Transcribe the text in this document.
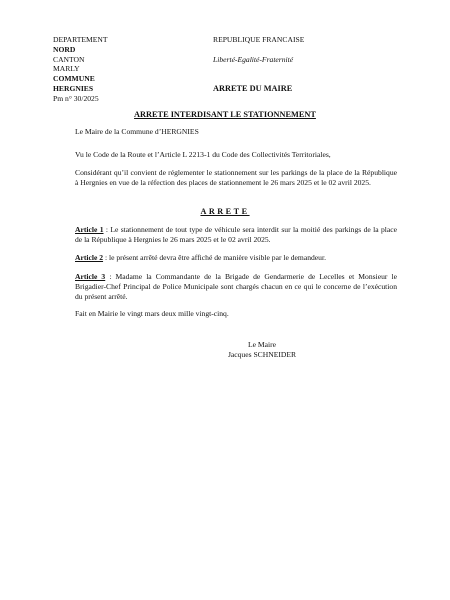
DEPARTEMENT
NORD
CANTON
MARLY
COMMUNE
HERGNIES
Pm n° 30/2025
REPUBLIQUE FRANCAISE
Liberté-Egalité-Fraternité
ARRETE DU MAIRE
ARRETE INTERDISANT LE STATIONNEMENT
Le Maire de la Commune d’HERGNIES
Vu le Code de la Route et l’Article L 2213-1 du Code des Collectivités Territoriales,
Considérant qu’il convient de réglementer le stationnement sur les parkings de la place de la République à Hergnies en vue de la réfection des places de stationnement le 26 mars 2025 et le 02 avril 2025.
ARRETE
Article 1 : Le stationnement de tout type de véhicule sera interdit sur la moitié des parkings de la place de la République à Hergnies le 26 mars 2025 et le 02 avril 2025.
Article 2 : le présent arrêté devra être affiché de manière visible par le demandeur.
Article 3 : Madame la Commandante de la Brigade de Gendarmerie de Lecelles et Monsieur le Brigadier-Chef Principal de Police Municipale sont chargés chacun en ce qui le concerne de l’exécution du présent arrêté.
Fait en Mairie le vingt mars deux mille vingt-cinq.
Le Maire
Jacques SCHNEIDER
